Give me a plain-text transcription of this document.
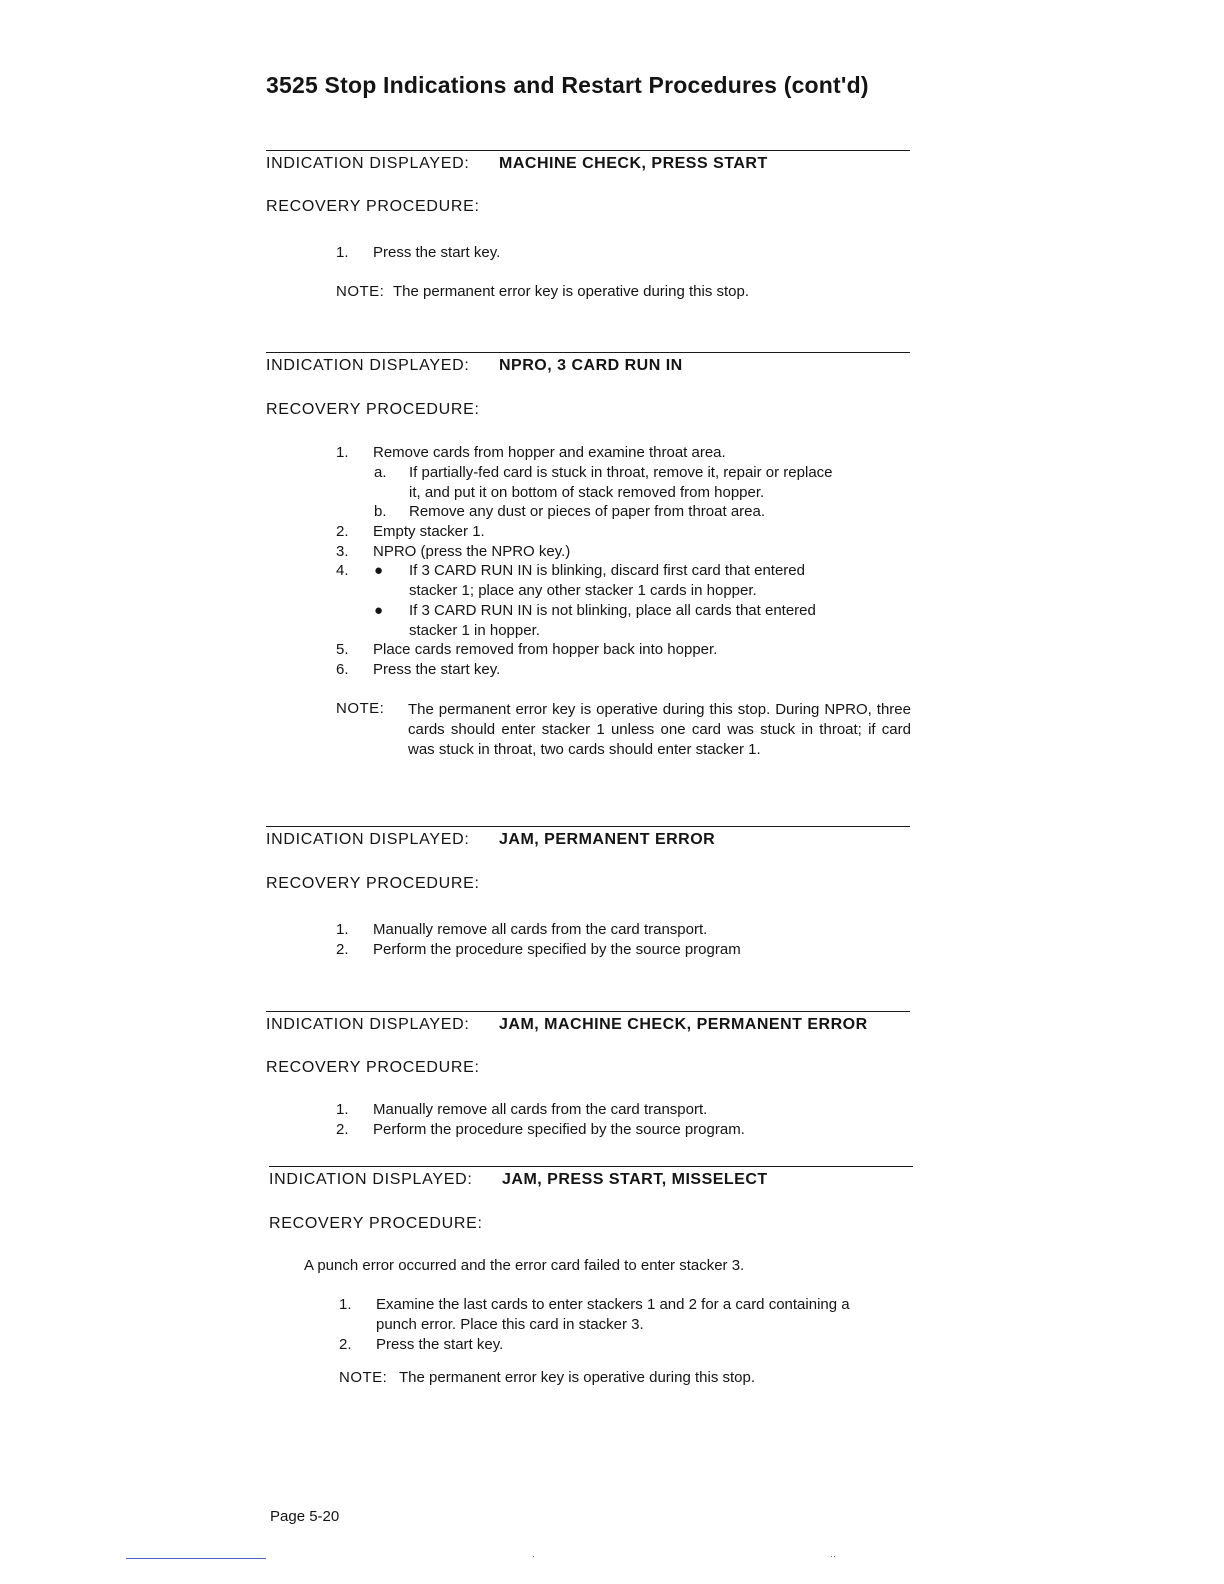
3525 Stop Indications and Restart Procedures (cont'd)
INDICATION DISPLAYED: MACHINE CHECK, PRESS START
RECOVERY PROCEDURE:
1. Press the start key.
NOTE: The permanent error key is operative during this stop.
INDICATION DISPLAYED: NPRO, 3 CARD RUN IN
RECOVERY PROCEDURE:
1. Remove cards from hopper and examine throat area.
a. If partially-fed card is stuck in throat, remove it, repair or replace
it, and put it on bottom of stack removed from hopper.
b. Remove any dust or pieces of paper from throat area.
2. Empty stacker 1.
3. NPRO (press the NPRO key.)
4. ● If 3 CARD RUN IN is blinking, discard first card that entered
stacker 1; place any other stacker 1 cards in hopper.
● If 3 CARD RUN IN is not blinking, place all cards that entered
stacker 1 in hopper.
5. Place cards removed from hopper back into hopper.
6. Press the start key.
NOTE: The permanent error key is operative during this stop. During NPRO, three cards should enter stacker 1 unless one card was stuck in throat; if card was stuck in throat, two cards should enter stacker 1.
INDICATION DISPLAYED: JAM, PERMANENT ERROR
RECOVERY PROCEDURE:
1. Manually remove all cards from the card transport.
2. Perform the procedure specified by the source program
INDICATION DISPLAYED: JAM, MACHINE CHECK, PERMANENT ERROR
RECOVERY PROCEDURE:
1. Manually remove all cards from the card transport.
2. Perform the procedure specified by the source program.
INDICATION DISPLAYED: JAM, PRESS START, MISSELECT
RECOVERY PROCEDURE:
A punch error occurred and the error card failed to enter stacker 3.
1. Examine the last cards to enter stackers 1 and 2 for a card containing a
punch error. Place this card in stacker 3.
2. Press the start key.
NOTE: The permanent error key is operative during this stop.
Page 5-20
·	··
